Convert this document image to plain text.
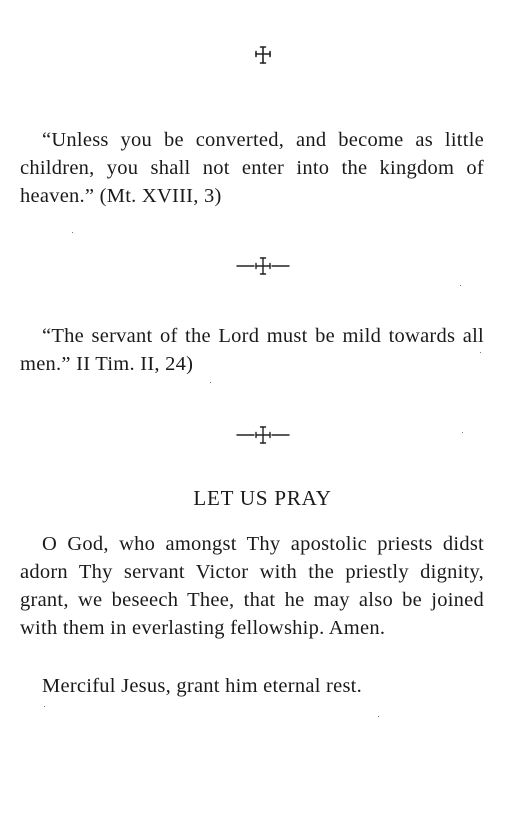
“Unless you be converted, and become as little children, you shall not enter into the kingdom of heaven.” (Mt. XVIII, 3)

“The servant of the Lord must be mild towards all men.” II Tim. II, 24)

LET US PRAY

O God, who amongst Thy apostolic priests didst adorn Thy servant Victor with the priestly dignity, grant, we beseech Thee, that he may also be joined with them in everlasting fellowship. Amen.

Merciful Jesus, grant him eternal rest.
